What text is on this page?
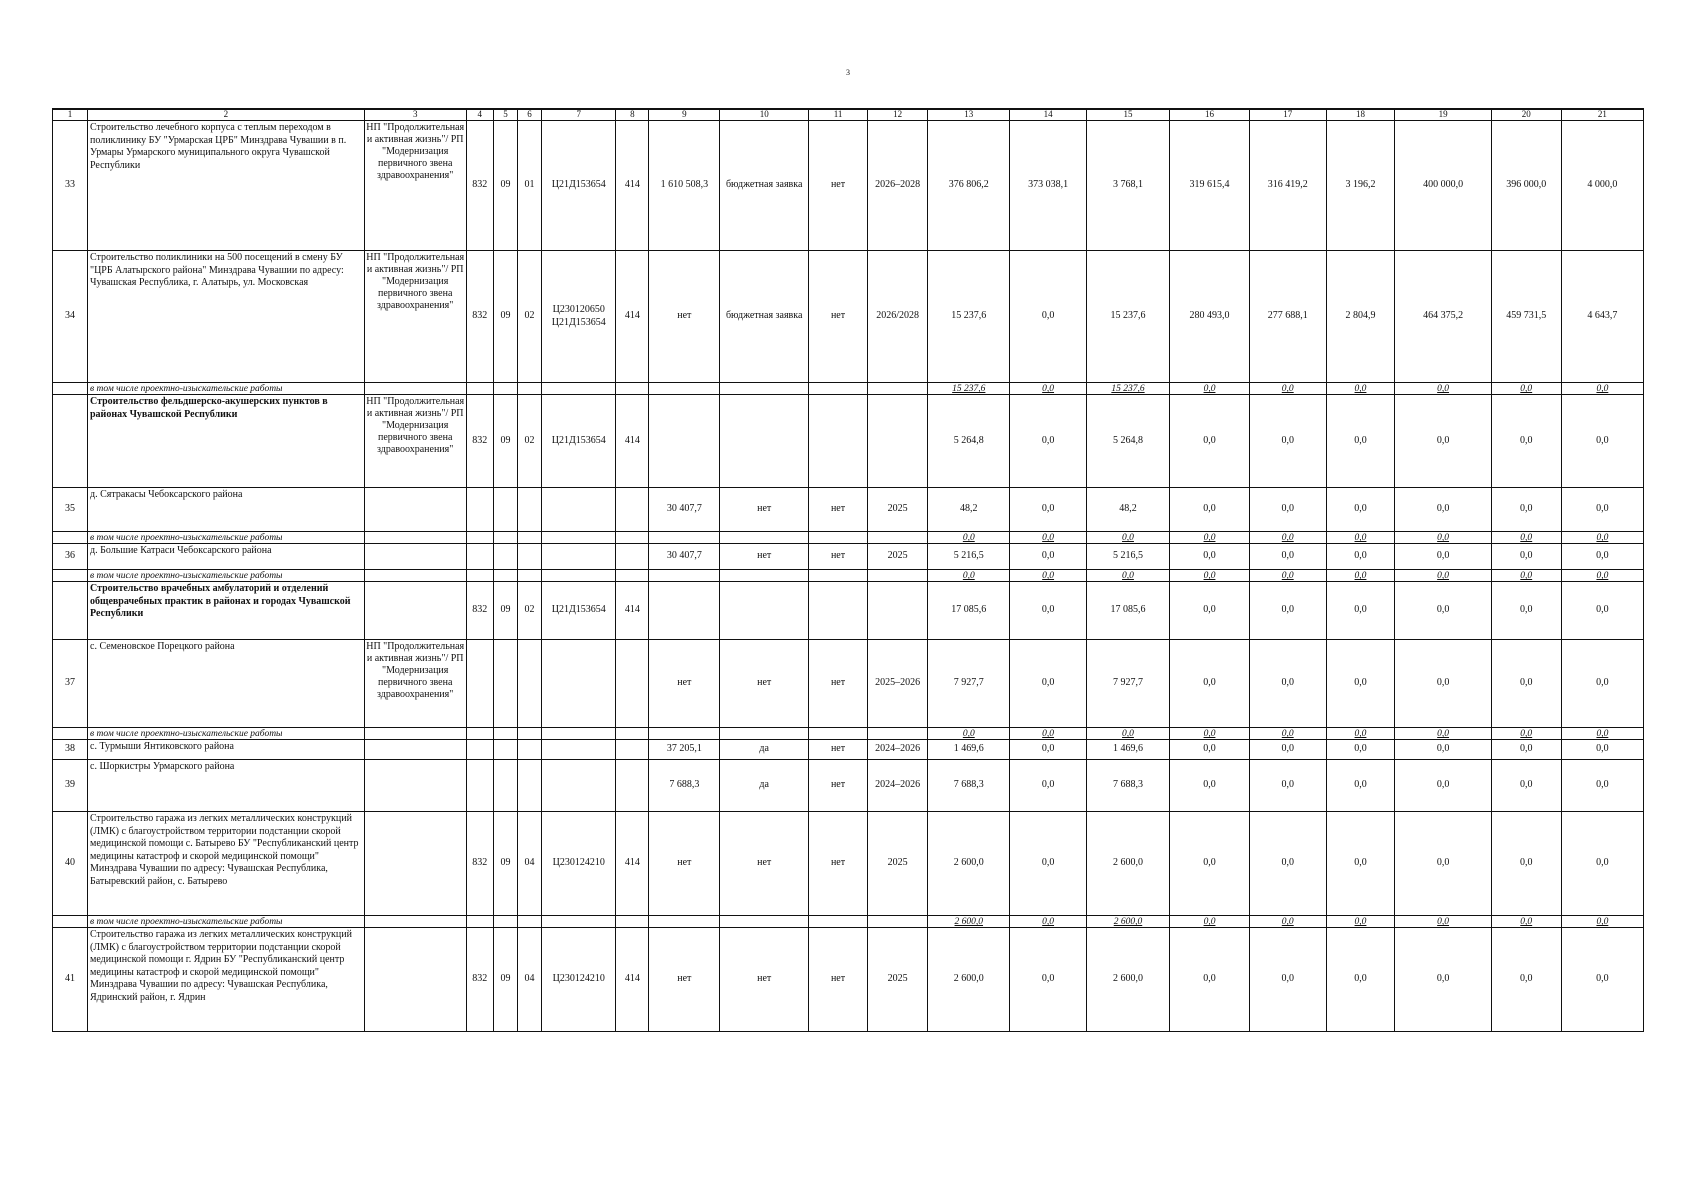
3
1	2	3	4	5	6	7	8	9	10	11	12	13	14	15	16	17	18	19	20	21
33	Строительство лечебного корпуса с теплым переходом в поликлинику БУ "Урмарская ЦРБ" Минздрава Чувашии в п. Урмары Урмарского муниципального округа Чувашской Республики	НП "Продолжительная и активная жизнь"/ РП "Модернизация первичного звена здравоохранения"	832	09	01	Ц21Д153654	414	1 610 508,3	бюджетная заявка	нет	2026–2028	376 806,2	373 038,1	3 768,1	319 615,4	316 419,2	3 196,2	400 000,0	396 000,0	4 000,0
34	Строительство поликлиники на 500 посещений в смену БУ "ЦРБ Алатырского района" Минздрава Чувашии по адресу: Чувашская Республика, г. Алатырь, ул. Московская	НП "Продолжительная и активная жизнь"/ РП "Модернизация первичного звена здравоохранения"	832	09	02	Ц230120650 Ц21Д153654	414	нет	бюджетная заявка	нет	2026/2028	15 237,6	0,0	15 237,6	280 493,0	277 688,1	2 804,9	464 375,2	459 731,5	4 643,7
	в том числе проектно-изыскательские работы											15 237,6	0,0	15 237,6	0,0	0,0	0,0	0,0	0,0	0,0
	Строительство фельдшерско-акушерских пунктов в районах Чувашской Республики	НП "Продолжительная и активная жизнь"/ РП "Модернизация первичного звена здравоохранения"	832	09	02	Ц21Д153654	414					5 264,8	0,0	5 264,8	0,0	0,0	0,0	0,0	0,0	0,0
35	д. Сятракасы Чебоксарского района							30 407,7	нет	нет	2025	48,2	0,0	48,2	0,0	0,0	0,0	0,0	0,0	0,0
	в том числе проектно-изыскательские работы											0,0	0,0	0,0	0,0	0,0	0,0	0,0	0,0	0,0
36	д. Большие Катраси Чебоксарского района							30 407,7	нет	нет	2025	5 216,5	0,0	5 216,5	0,0	0,0	0,0	0,0	0,0	0,0
	в том числе проектно-изыскательские работы											0,0	0,0	0,0	0,0	0,0	0,0	0,0	0,0	0,0
	Строительство врачебных амбулаторий и отделений общеврачебных практик в районах и городах Чувашской Республики		832	09	02	Ц21Д153654	414					17 085,6	0,0	17 085,6	0,0	0,0	0,0	0,0	0,0	0,0
37	с. Семеновское Порецкого района	НП "Продолжительная и активная жизнь"/ РП "Модернизация первичного звена здравоохранения"						нет	нет	нет	2025–2026	7 927,7	0,0	7 927,7	0,0	0,0	0,0	0,0	0,0	0,0
	в том числе проектно-изыскательские работы											0,0	0,0	0,0	0,0	0,0	0,0	0,0	0,0	0,0
38	с. Турмыши Янтиковского района							37 205,1	да	нет	2024–2026	1 469,6	0,0	1 469,6	0,0	0,0	0,0	0,0	0,0	0,0
39	с. Шоркистры Урмарского района							7 688,3	да	нет	2024–2026	7 688,3	0,0	7 688,3	0,0	0,0	0,0	0,0	0,0	0,0
40	Строительство гаража из легких металлических конструкций (ЛМК) с благоустройством территории подстанции скорой медицинской помощи с. Батырево БУ "Республиканский центр медицины катастроф и скорой медицинской помощи" Минздрава Чувашии по адресу: Чувашская Республика, Батыревский район, с. Батырево		832	09	04	Ц230124210	414	нет	нет	нет	2025	2 600,0	0,0	2 600,0	0,0	0,0	0,0	0,0	0,0	0,0
	в том числе проектно-изыскательские работы											2 600,0	0,0	2 600,0	0,0	0,0	0,0	0,0	0,0	0,0
41	Строительство гаража из легких металлических конструкций (ЛМК) с благоустройством территории подстанции скорой медицинской помощи г. Ядрин БУ "Республиканский центр медицины катастроф и скорой медицинской помощи" Минздрава Чувашии по адресу: Чувашская Республика, Ядринский район, г. Ядрин		832	09	04	Ц230124210	414	нет	нет	нет	2025	2 600,0	0,0	2 600,0	0,0	0,0	0,0	0,0	0,0	0,0
